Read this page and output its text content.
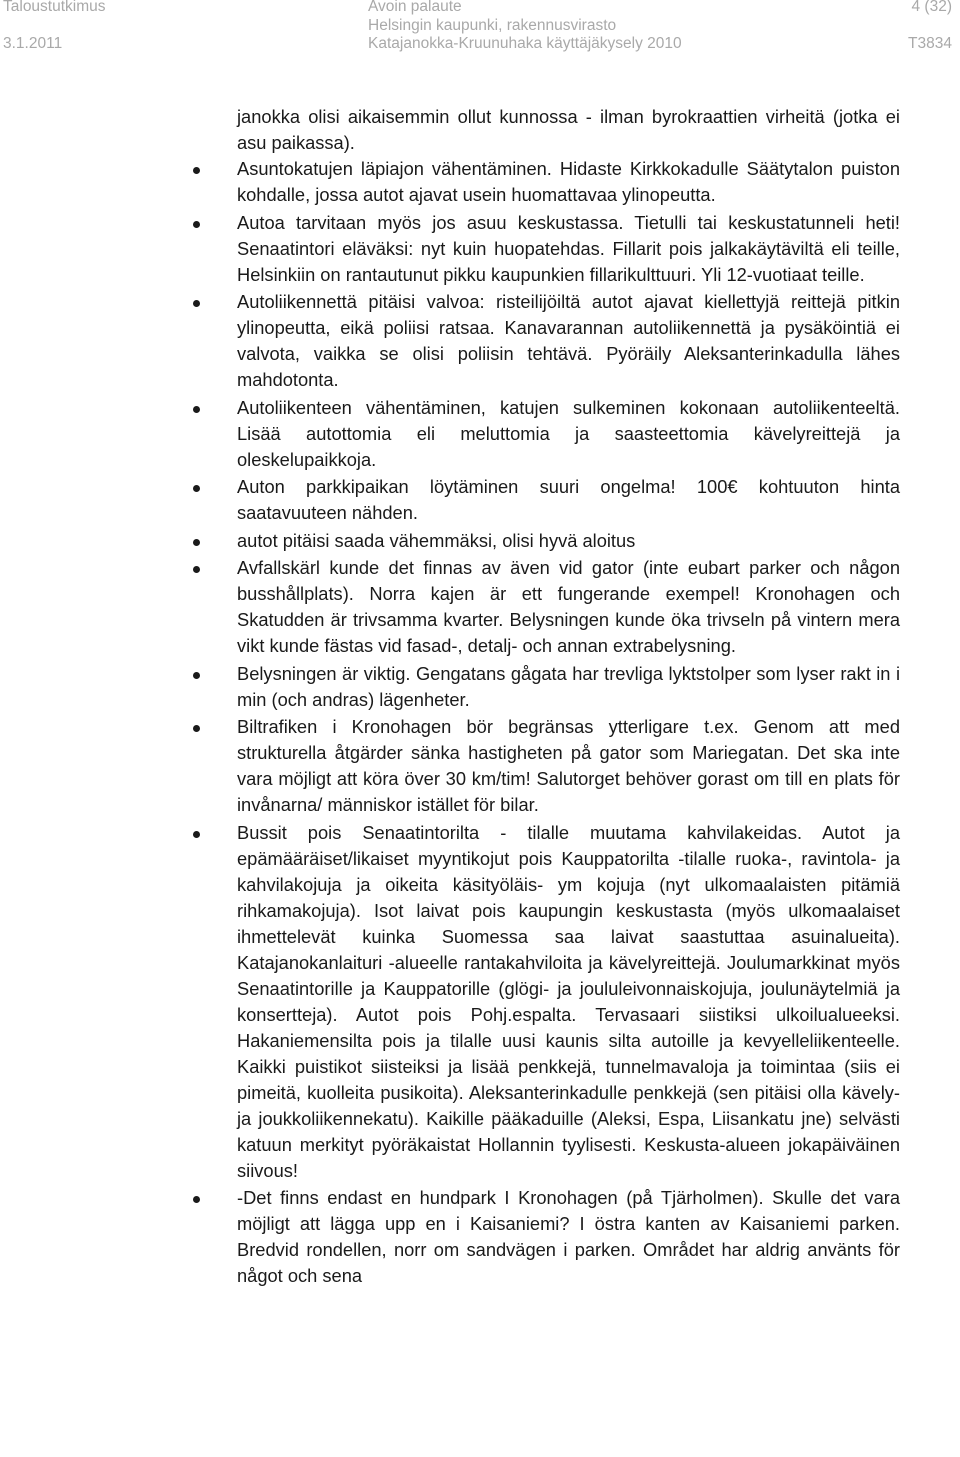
Taloustutkimus
3.1.2011
Avoin palaute
Helsingin kaupunki, rakennusvirasto
Katajanokka-Kruunuhaka käyttäjäkysely 2010
4 (32)
T3834

janokka olisi aikaisemmin ollut kunnossa - ilman byrokraattien virheitä (jotka ei asu paikassa).

Asuntokatujen läpiajon vähentäminen. Hidaste Kirkkokadulle Säätytalon puiston kohdalle, jossa autot ajavat usein huomattavaa ylinopeutta.
Autoa tarvitaan myös jos asuu keskustassa. Tietulli tai keskustatunneli heti! Senaatintori eläväksi: nyt kuin huopatehdas. Fillarit pois jalkakäytäviltä eli teille, Helsinkiin on rantautunut pikku kaupunkien fillarikulttuuri. Yli 12-vuotiaat teille.
Autoliikennettä pitäisi valvoa: risteilijöiltä autot ajavat kiellettyjä reittejä pitkin ylinopeutta, eikä poliisi ratsaa. Kanavarannan autoliikennettä ja pysäköintiä ei valvota, vaikka se olisi poliisin tehtävä. Pyöräily Aleksanterinkadulla lähes mahdotonta.
Autoliikenteen vähentäminen, katujen sulkeminen kokonaan autoliikenteeltä. Lisää autottomia eli meluttomia ja saasteettomia kävelyreittejä ja oleskelupaikkoja.
Auton parkkipaikan löytäminen suuri ongelma! 100€ kohtuuton hinta saatavuuteen nähden.
autot pitäisi saada vähemmäksi, olisi hyvä aloitus
Avfallskärl kunde det finnas av även vid gator (inte eubart parker och någon busshållplats). Norra kajen är ett fungerande exempel! Kronohagen och Skatudden är trivsamma kvarter. Belysningen kunde öka trivseln på vintern mera vikt kunde fästas vid fasad-, detalj- och annan extrabelysning.
Belysningen är viktig. Gengatans gågata har trevliga lyktstolper som lyser rakt in i min (och andras) lägenheter.
Biltrafiken i Kronohagen bör begränsas ytterligare t.ex. Genom att med strukturella åtgärder sänka hastigheten på gator som Mariegatan. Det ska inte vara möjligt att köra över 30 km/tim! Salutorget behöver gorast om till en plats för invånarna/ människor istället för bilar.
Bussit pois Senaatintorilta - tilalle muutama kahvilakeidas. Autot ja epämääräiset/likaiset myyntikojut pois Kauppatorilta -tilalle ruoka-, ravintola- ja kahvilakojuja ja oikeita käsityöläis- ym kojuja (nyt ulkomaalaisten pitämiä rihkamakojuja). Isot laivat pois kaupungin keskustasta (myös ulkomaalaiset ihmettelevät kuinka Suomessa saa laivat saastuttaa asuinalueita). Katajanokanlaituri -alueelle rantakahviloita ja kävelyreittejä. Joulumarkkinat myös Senaatintorille ja Kauppatorille (glögi- ja joululeivonnaiskojuja, joulunäytelmiä ja konsertteja). Autot pois Pohj.espalta. Tervasaari siistiksi ulkoilualueeksi. Hakaniemensilta pois ja tilalle uusi kaunis silta autoille ja kevyelleliikenteelle. Kaikki puistikot siisteiksi ja lisää penkkejä, tunnelmavaloja ja toimintaa (siis ei pimeitä, kuolleita pusikoita). Aleksanterinkadulle penkkejä (sen pitäisi olla kävely- ja joukkoliikennekatu). Kaikille pääkaduille (Aleksi, Espa, Liisankatu jne) selvästi katuun merkityt pyöräkaistat Hollannin tyylisesti. Keskusta-alueen jokapäiväinen siivous!
-Det finns endast en hundpark I Kronohagen (på Tjärholmen). Skulle det vara möjligt att lägga upp en i Kaisaniemi? I östra kanten av Kaisaniemi parken. Bredvid rondellen, norr om sandvägen i parken. Området har aldrig använts för något och sena
